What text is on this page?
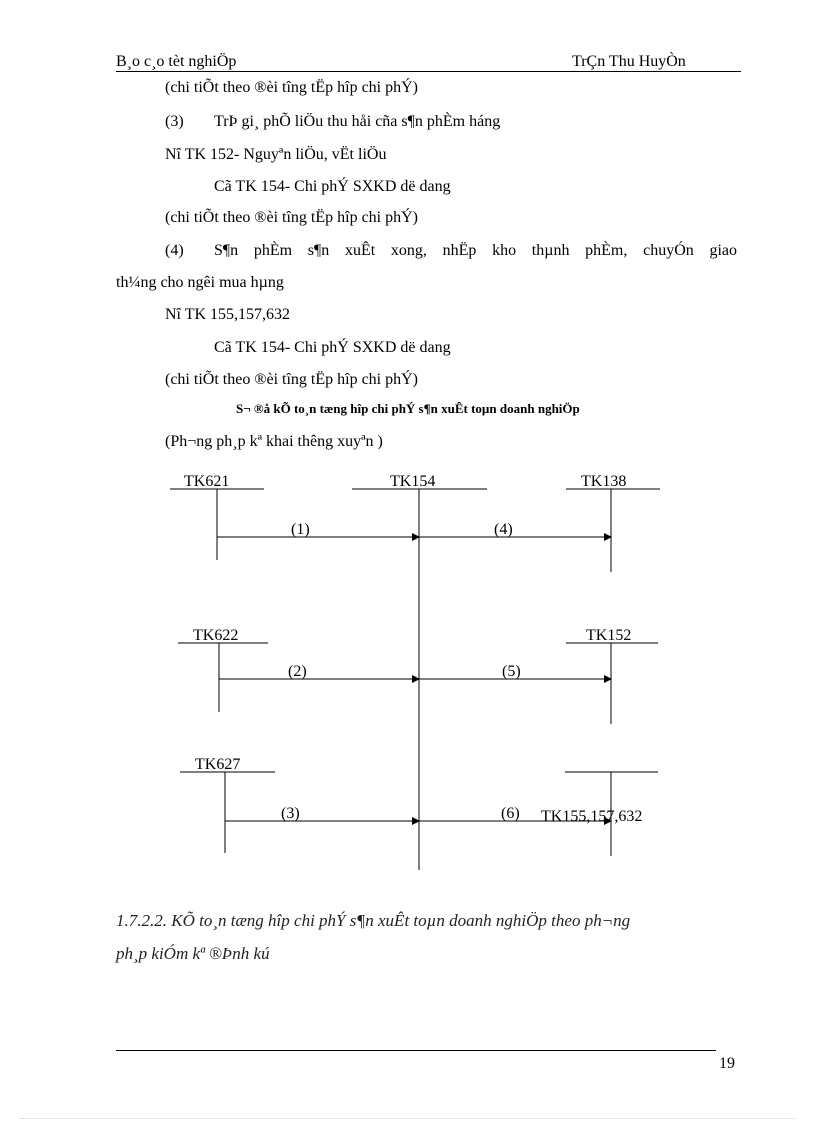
B¸o c¸o tèt nghiÖp	TrÇn Thu HuyÒn
(chi tiÕt theo ®èi tîng tËp hîp chi phÝ)
(3) TrÞ gi¸ phÕ liÖu thu håi cña s¶n phÈm háng
Nî TK 152- Nguyªn liÖu, vËt liÖu
Cã TK 154- Chi phÝ SXKD dë dang
(chi tiÕt theo ®èi tîng tËp hîp chi phÝ)
(4) S¶n phÈm s¶n xuÊt xong, nhËp kho thµnh phÈm, chuyÓn giao
th¼ng cho ngêi mua hµng
Nî TK 155,157,632
Cã TK 154- Chi phÝ SXKD dë dang
(chi tiÕt theo ®èi tîng tËp hîp chi phÝ)
S¬ ®å kÕ to¸n tæng hîp chi phÝ s¶n xuÊt toµn doanh nghiÖp
(Ph¬ng ph¸p kª khai thêng xuyªn )
TK621	TK154	TK138
TK622	TK152
TK627
TK155,157,632
(1)	(4)
(2)	(5)
(3)	(6)
1.7.2.2. KÕ to¸n tæng hîp chi phÝ s¶n xuÊt toµn doanh nghiÖp theo ph¬ng
ph¸p kiÓm kª ®Þnh kú
19
